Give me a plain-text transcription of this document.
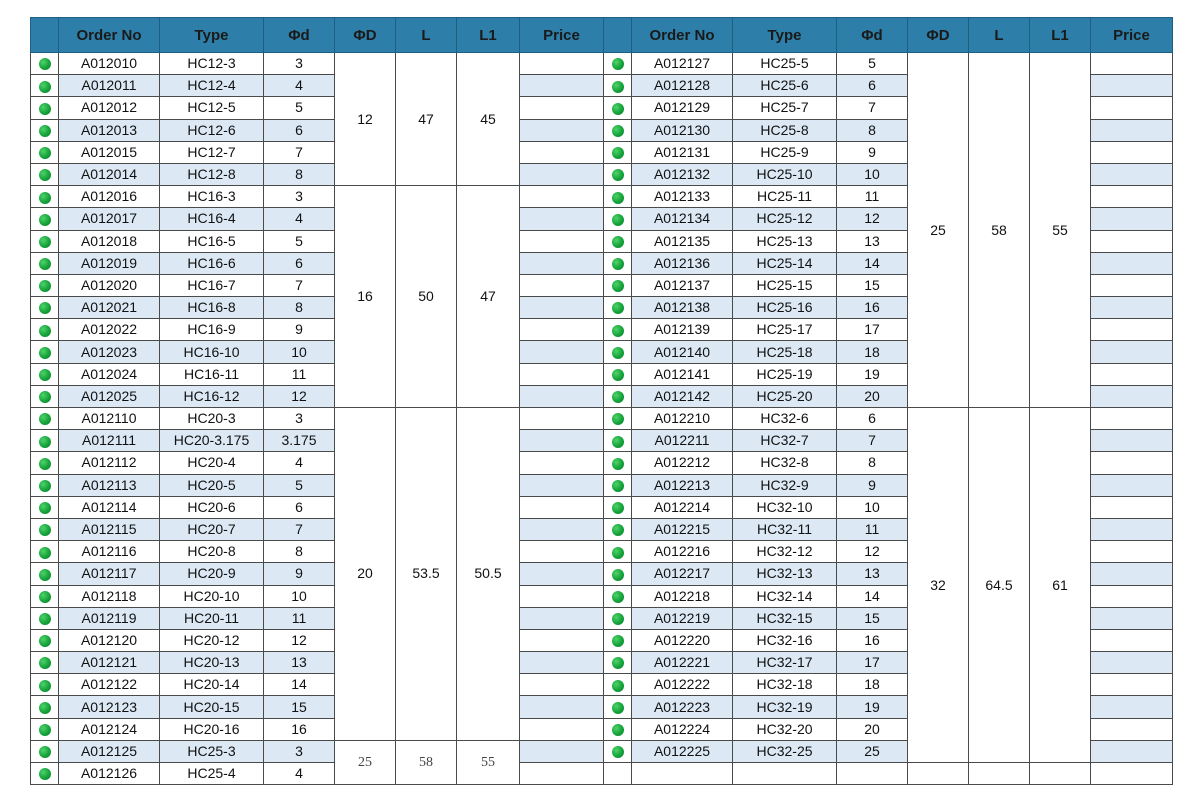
	Order No	Type	Φd	ΦD	L	L1	Price		Order No	Type	Φd	ΦD	L	L1	Price
	A012010	HC12-3	3	12	47	45			A012127	HC25-5	5	25	58	55	
	A012011	HC12-4	4						A012128	HC25-6	6				
	A012012	HC12-5	5						A012129	HC25-7	7				
	A012013	HC12-6	6						A012130	HC25-8	8				
	A012015	HC12-7	7						A012131	HC25-9	9				
	A012014	HC12-8	8						A012132	HC25-10	10				
	A012016	HC16-3	3	16	50	47			A012133	HC25-11	11				
	A012017	HC16-4	4						A012134	HC25-12	12				
	A012018	HC16-5	5						A012135	HC25-13	13				
	A012019	HC16-6	6						A012136	HC25-14	14				
	A012020	HC16-7	7						A012137	HC25-15	15				
	A012021	HC16-8	8						A012138	HC25-16	16				
	A012022	HC16-9	9						A012139	HC25-17	17				
	A012023	HC16-10	10						A012140	HC25-18	18				
	A012024	HC16-11	11						A012141	HC25-19	19				
	A012025	HC16-12	12						A012142	HC25-20	20				
	A012110	HC20-3	3	20	53.5	50.5			A012210	HC32-6	6	32	64.5	61	
	A012111	HC20-3.175	3.175						A012211	HC32-7	7				
	A012112	HC20-4	4						A012212	HC32-8	8				
	A012113	HC20-5	5						A012213	HC32-9	9				
	A012114	HC20-6	6						A012214	HC32-10	10				
	A012115	HC20-7	7						A012215	HC32-11	11				
	A012116	HC20-8	8						A012216	HC32-12	12				
	A012117	HC20-9	9						A012217	HC32-13	13				
	A012118	HC20-10	10						A012218	HC32-14	14				
	A012119	HC20-11	11						A012219	HC32-15	15				
	A012120	HC20-12	12						A012220	HC32-16	16				
	A012121	HC20-13	13						A012221	HC32-17	17				
	A012122	HC20-14	14						A012222	HC32-18	18				
	A012123	HC20-15	15						A012223	HC32-19	19				
	A012124	HC20-16	16						A012224	HC32-20	20				
	A012125	HC25-3	3	25	58	55			A012225	HC32-25	25				
	A012126	HC25-4	4												
